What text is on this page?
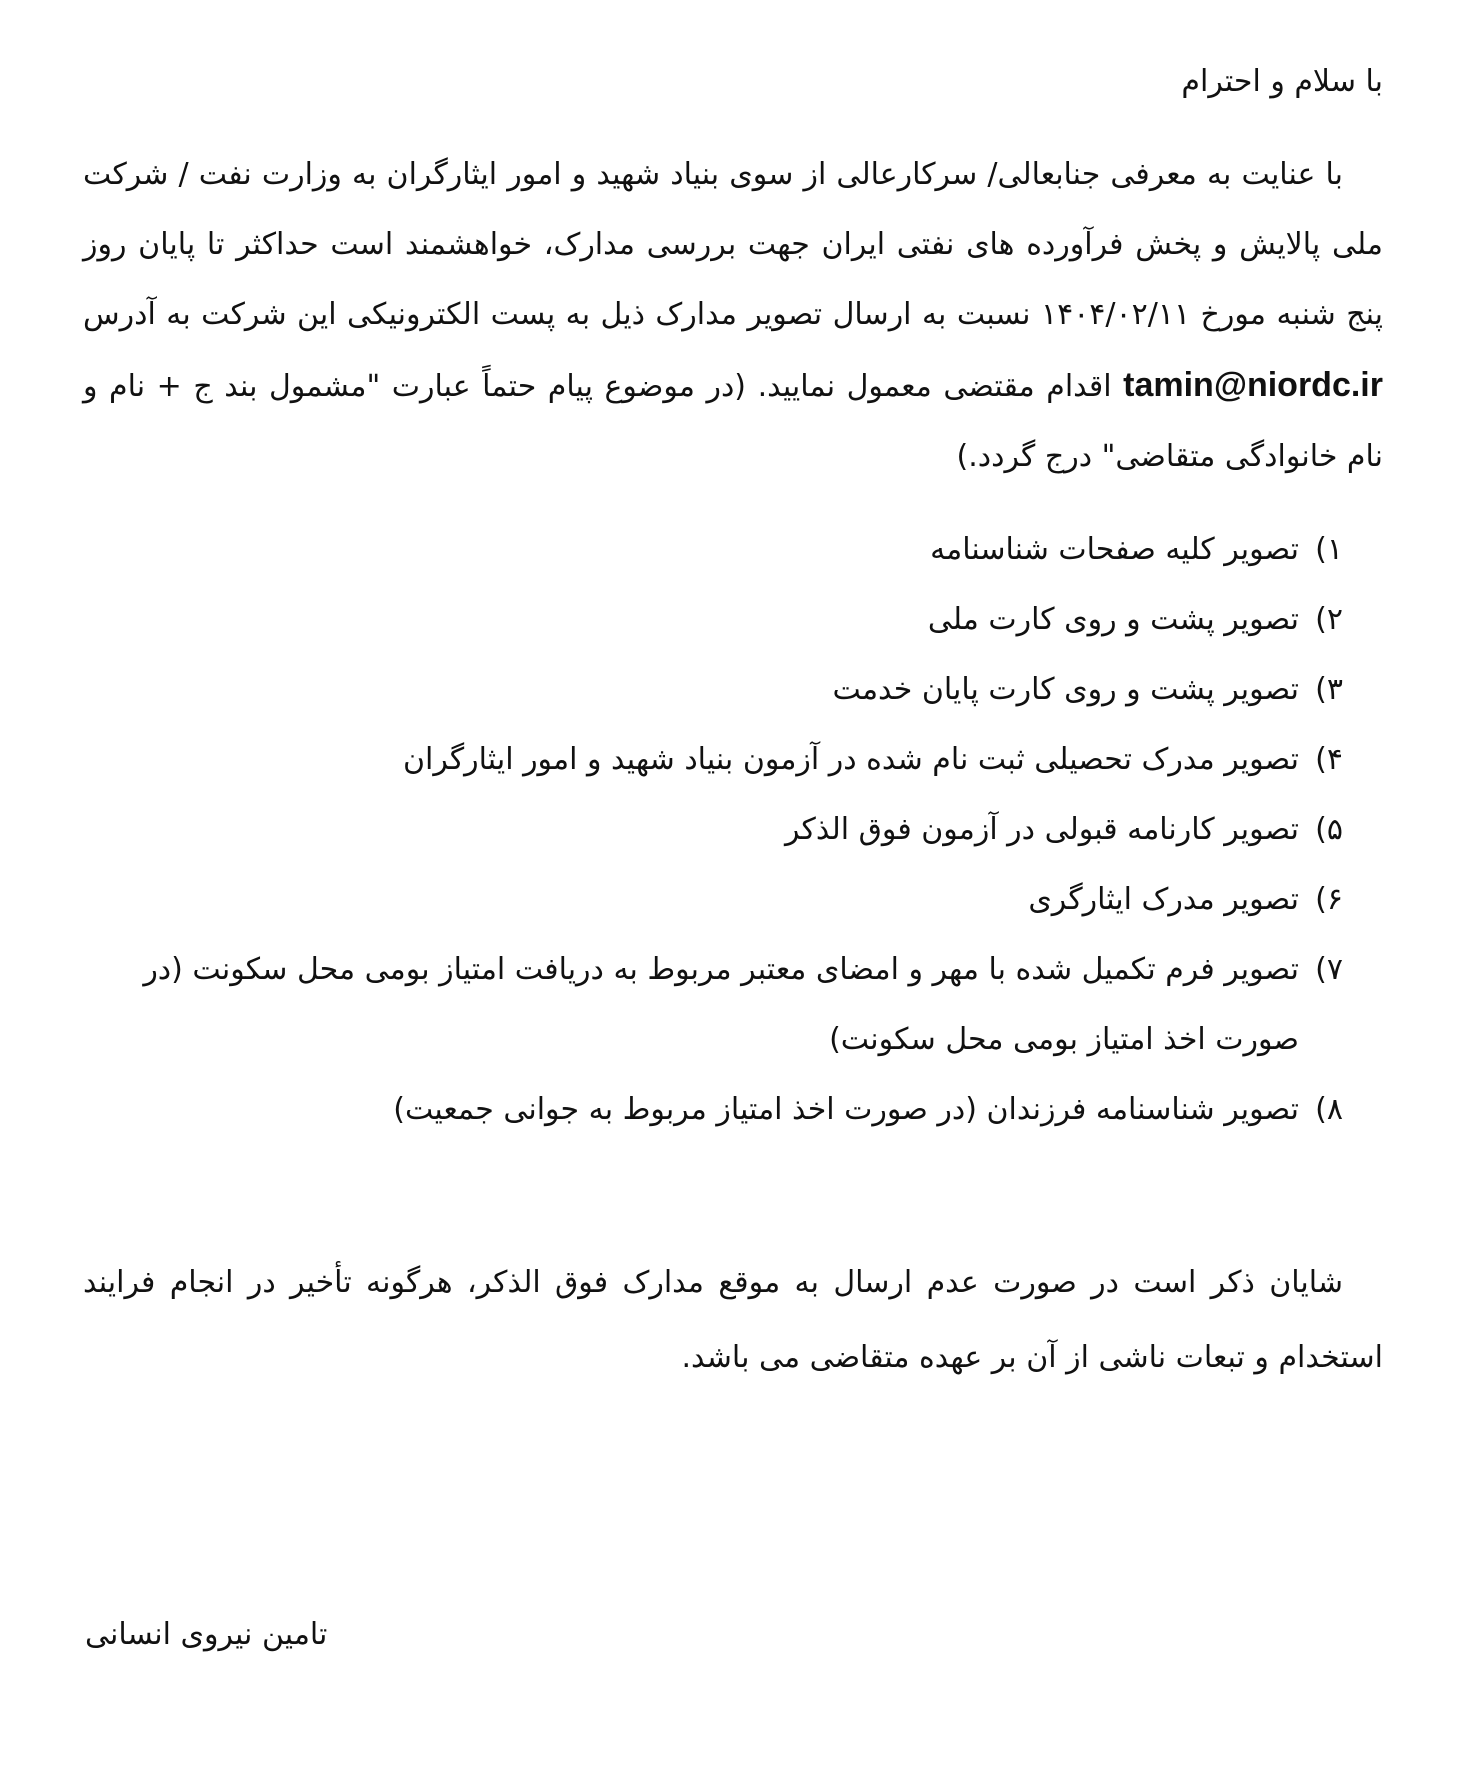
با سلام و احترام

با عنایت به معرفی جنابعالی/ سرکارعالی از سوی بنیاد شهید و امور ایثارگران به وزارت نفت / شرکت ملی پالایش و پخش فرآورده های نفتی ایران جهت بررسی مدارک، خواهشمند است حداکثر تا پایان روز پنج شنبه مورخ ۱۴۰۴/۰۲/۱۱ نسبت به ارسال تصویر مدارک ذیل به پست الکترونیکی این شرکت به آدرس tamin@niordc.ir اقدام مقتضی معمول نمایید. (در موضوع پیام حتماً عبارت "مشمول بند ج + نام و نام خانوادگی متقاضی" درج گردد.)

۱)
تصویر کلیه صفحات شناسنامه
۲)
تصویر پشت و روی کارت ملی
۳)
تصویر پشت و روی کارت پایان خدمت
۴)
تصویر مدرک تحصیلی ثبت نام شده در آزمون بنیاد شهید و امور ایثارگران
۵)
تصویر کارنامه قبولی در آزمون فوق الذکر
۶)
تصویر مدرک ایثارگری
۷)
تصویر فرم تکمیل شده با مهر و امضای معتبر مربوط به دریافت امتیاز بومی محل سکونت (در صورت اخذ امتیاز بومی محل سکونت)
۸)
تصویر شناسنامه فرزندان (در صورت اخذ امتیاز مربوط به جوانی جمعیت)

شایان ذکر است در صورت عدم ارسال به موقع مدارک فوق الذکر، هرگونه تأخیر در انجام فرایند استخدام و تبعات ناشی از آن بر عهده متقاضی می باشد.

تامین نیروی انسانی
